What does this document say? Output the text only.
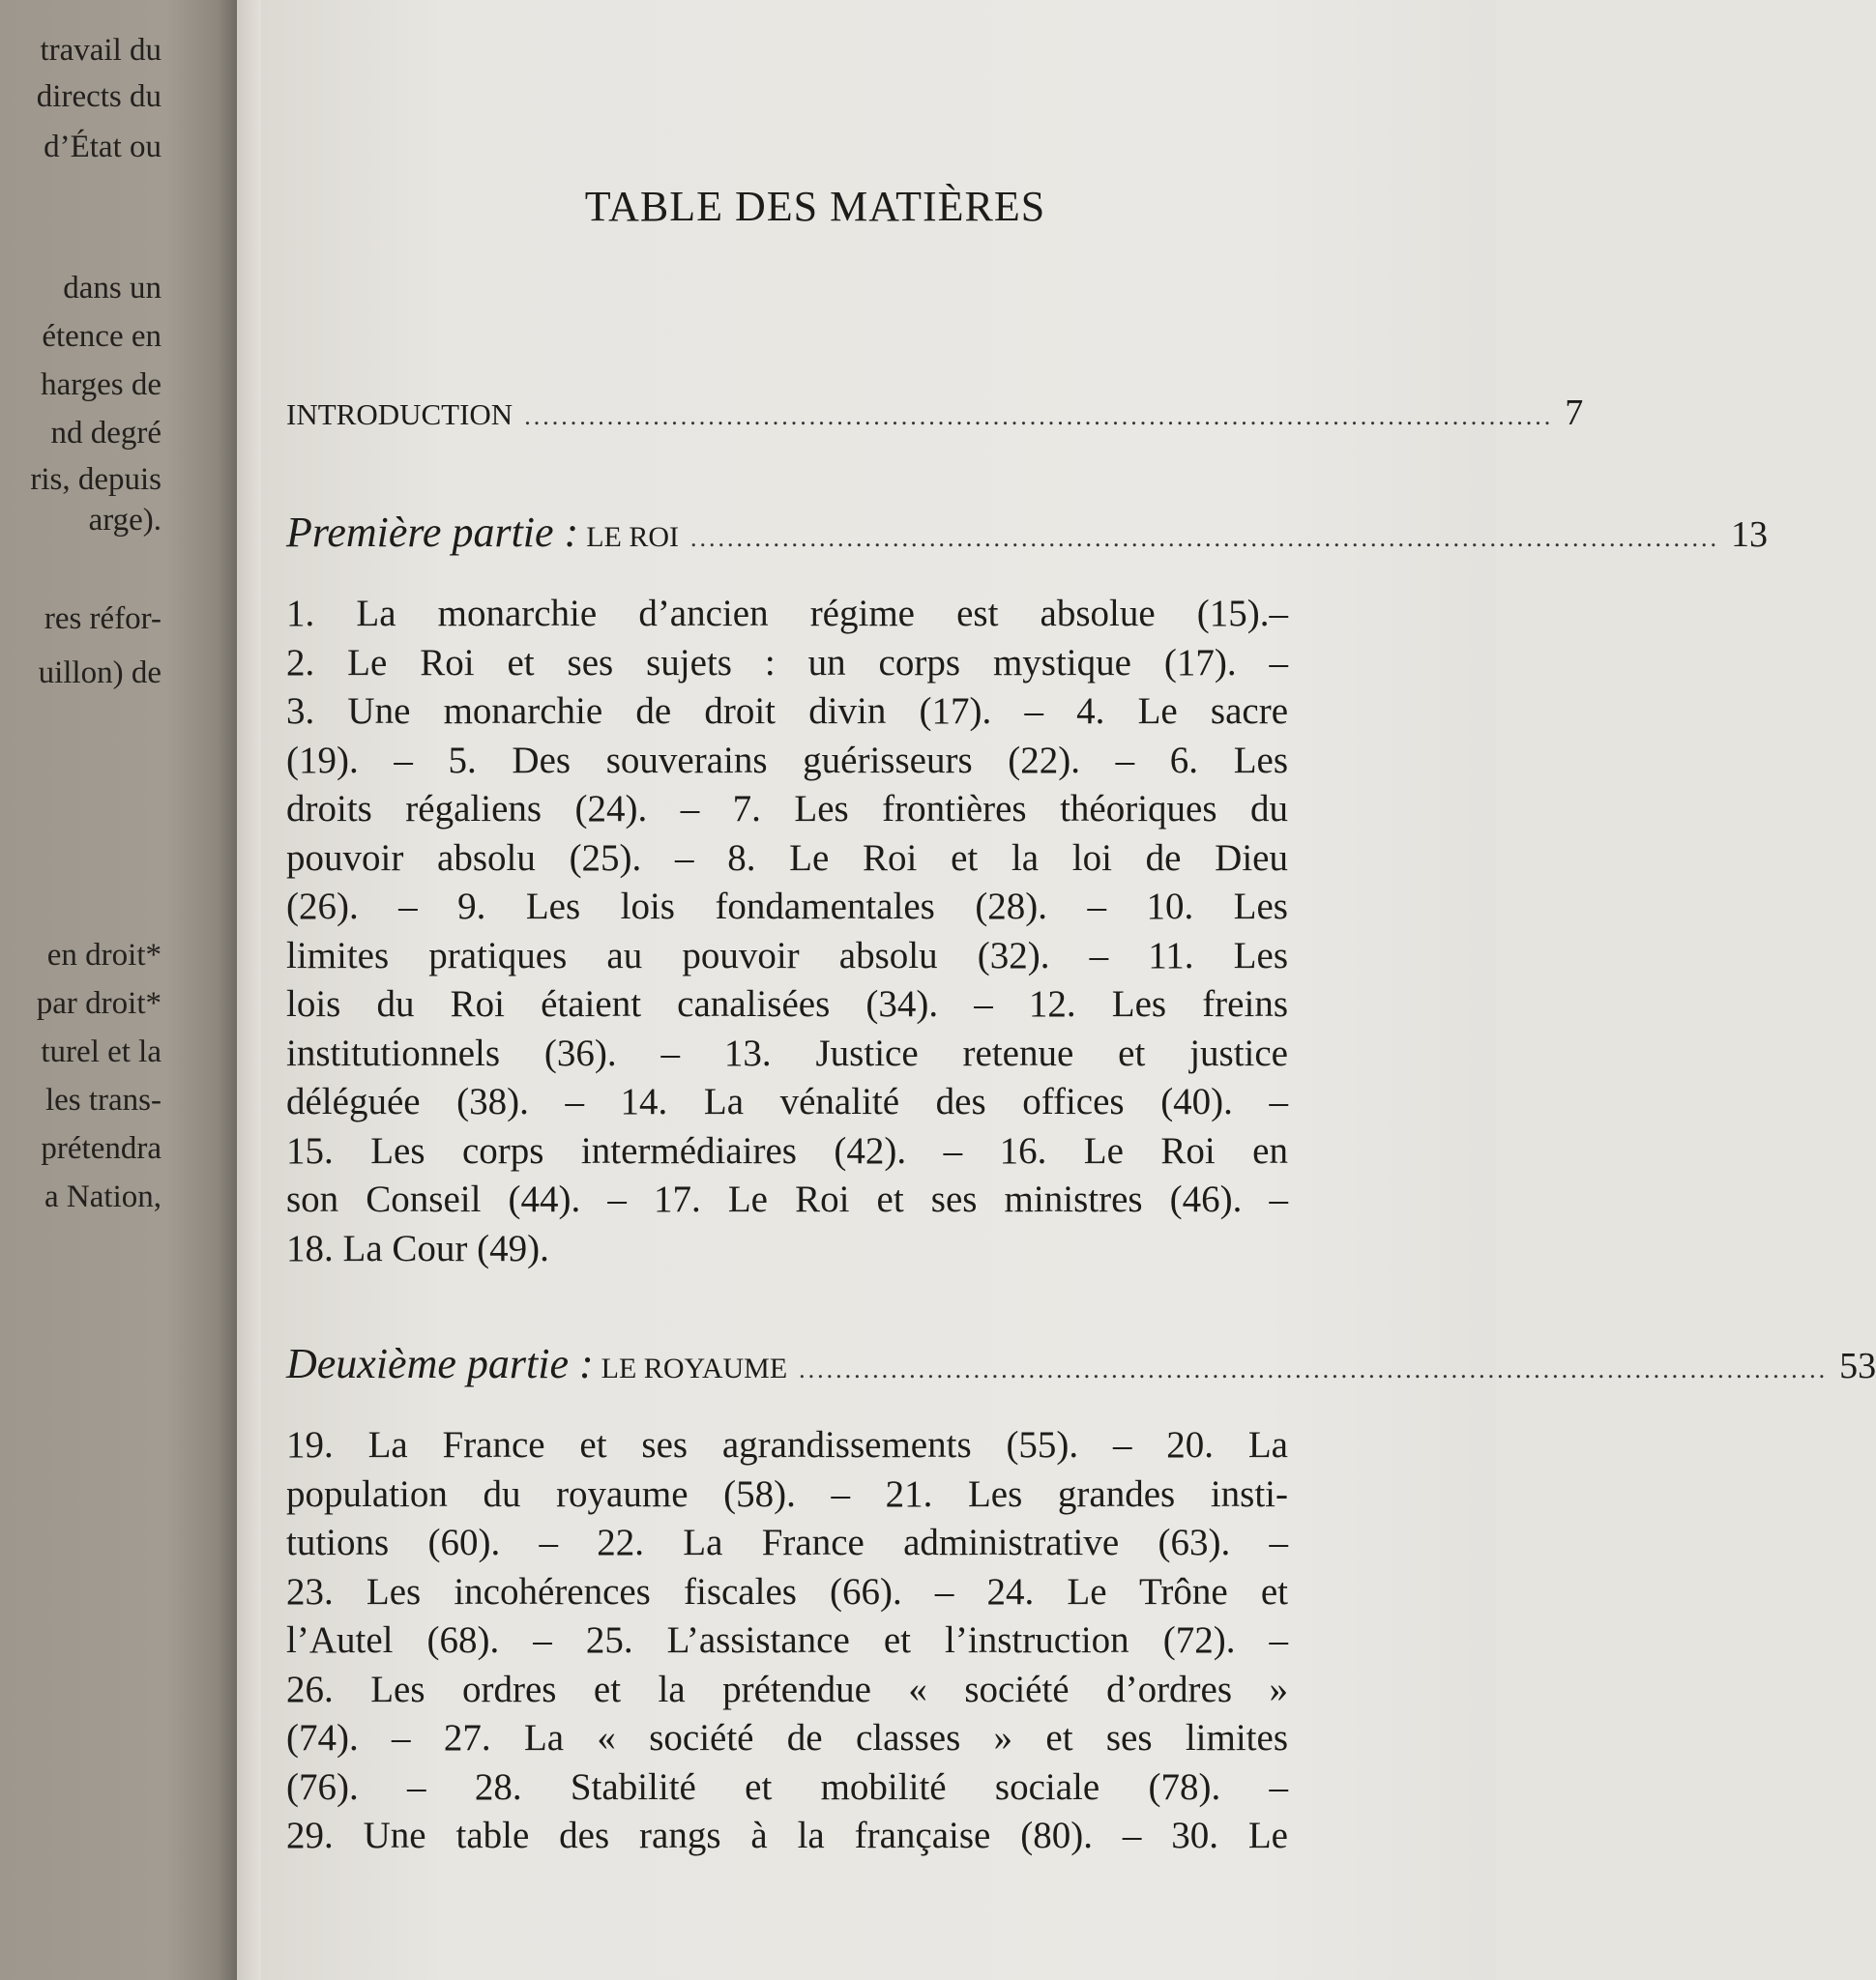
travail du
directs du
d’État ou
dans un
étence en
harges de
nd degré
ris, depuis
arge).
res réfor-
uillon) de
en droit*
par droit*
turel et la
les trans-
prétendra
a Nation,
TABLE DES MATIÈRES
INTRODUCTION ................................................................................................................ 7
Première partie : LE ROI ................................................................................................................ 13
1. La monarchie d’ancien régime est absolue (15).–
2. Le Roi et ses sujets : un corps mystique (17). –
3. Une monarchie de droit divin (17). – 4. Le sacre
(19). – 5. Des souverains guérisseurs (22). – 6. Les
droits régaliens (24). – 7. Les frontières théoriques du
pouvoir absolu (25). – 8. Le Roi et la loi de Dieu
(26). – 9. Les lois fondamentales (28). – 10. Les
limites pratiques au pouvoir absolu (32). – 11. Les
lois du Roi étaient canalisées (34). – 12. Les freins
institutionnels (36). – 13. Justice retenue et justice
déléguée (38). – 14. La vénalité des offices (40). –
15. Les corps intermédiaires (42). – 16. Le Roi en
son Conseil (44). – 17. Le Roi et ses ministres (46). –
18. La Cour (49).
Deuxième partie : LE ROYAUME ................................................................................................................ 53
19. La France et ses agrandissements (55). – 20. La
population du royaume (58). – 21. Les grandes insti-
tutions (60). – 22. La France administrative (63). –
23. Les incohérences fiscales (66). – 24. Le Trône et
l’Autel (68). – 25. L’assistance et l’instruction (72). –
26. Les ordres et la prétendue « société d’ordres »
(74). – 27. La « société de classes » et ses limites
(76). – 28. Stabilité et mobilité sociale (78). –
29. Une table des rangs à la française (80). – 30. Le
